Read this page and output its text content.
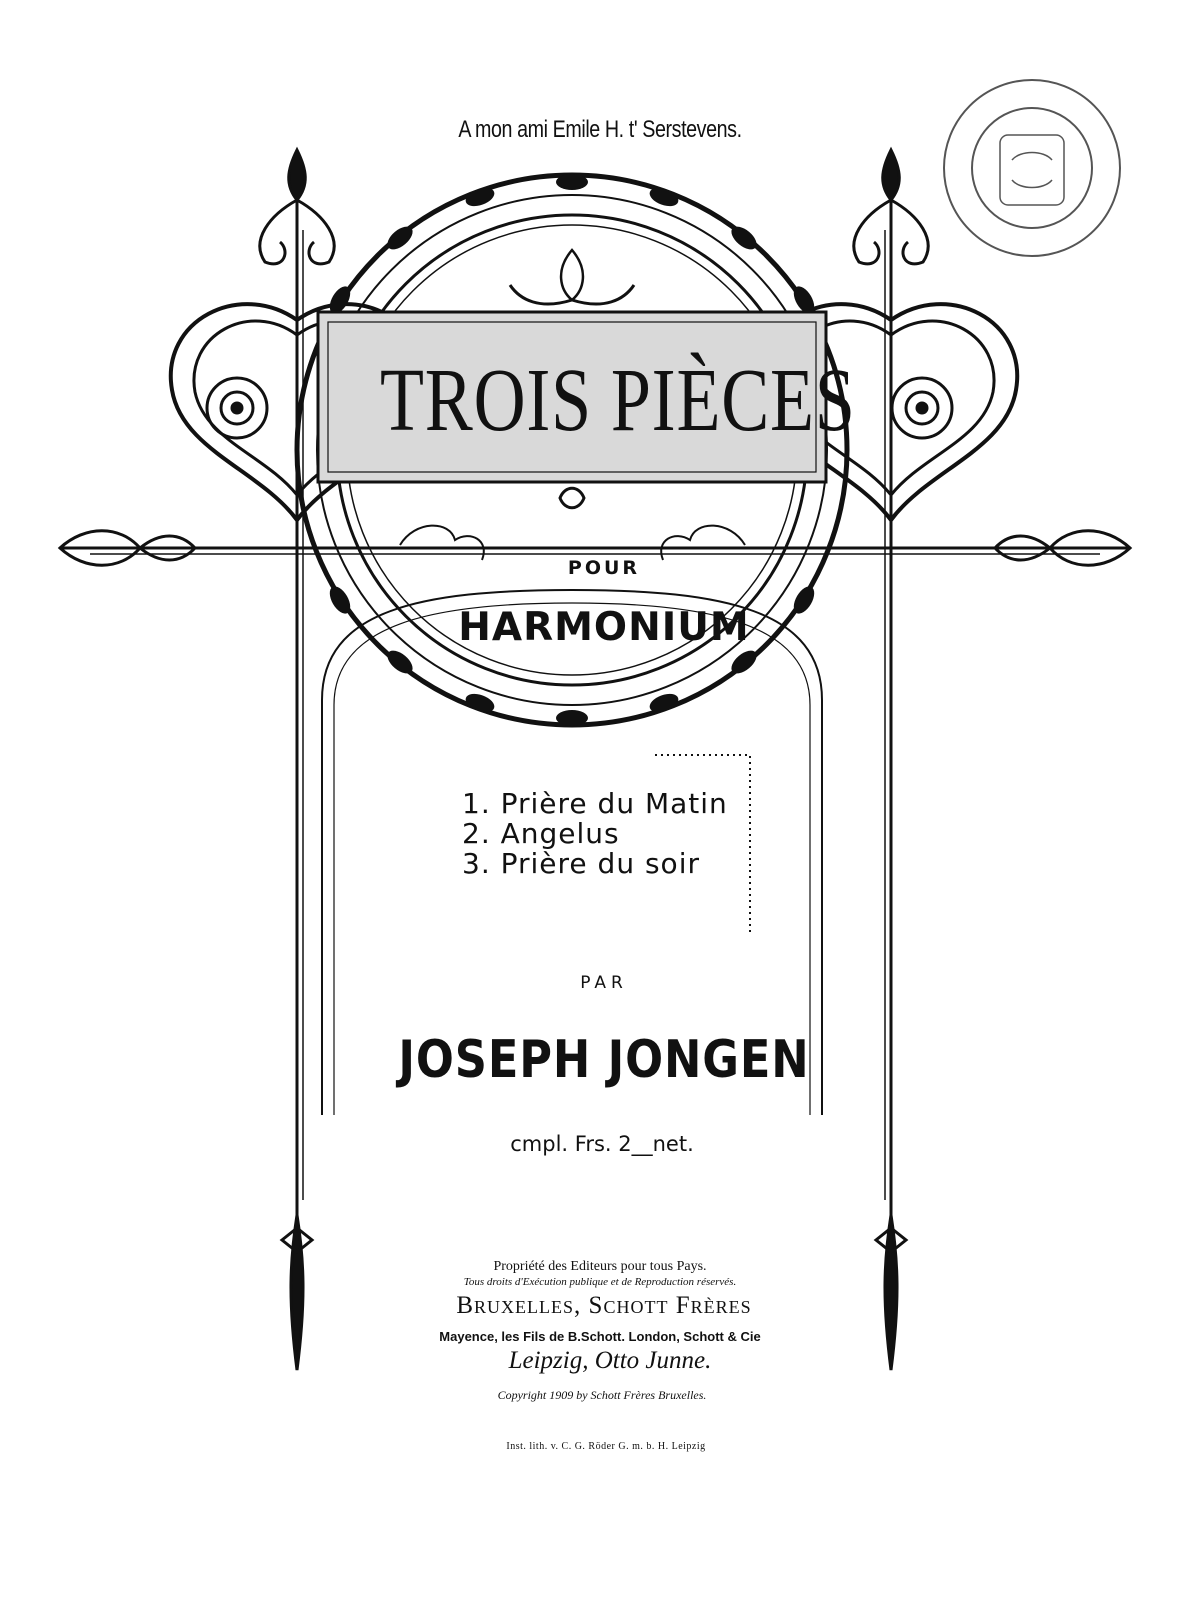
A mon ami Emile H. t' Serstevens.
TROIS PIÈCES
POUR
HARMONIUM
1. Prière du Matin
2. Angelus
3. Prière du soir
PAR
JOSEPH JONGEN
cmpl. Frs. 2__net.
Propriété des Editeurs pour tous Pays.
Tous droits d'Exécution publique et de Reproduction réservés.
Bruxelles, Schott Frères
Mayence, les Fils de B.Schott. London, Schott & Cie
Leipzig, Otto Junne.
Copyright 1909 by Schott Frères Bruxelles.
Inst. lith. v. C. G. Röder G. m. b. H. Leipzig
